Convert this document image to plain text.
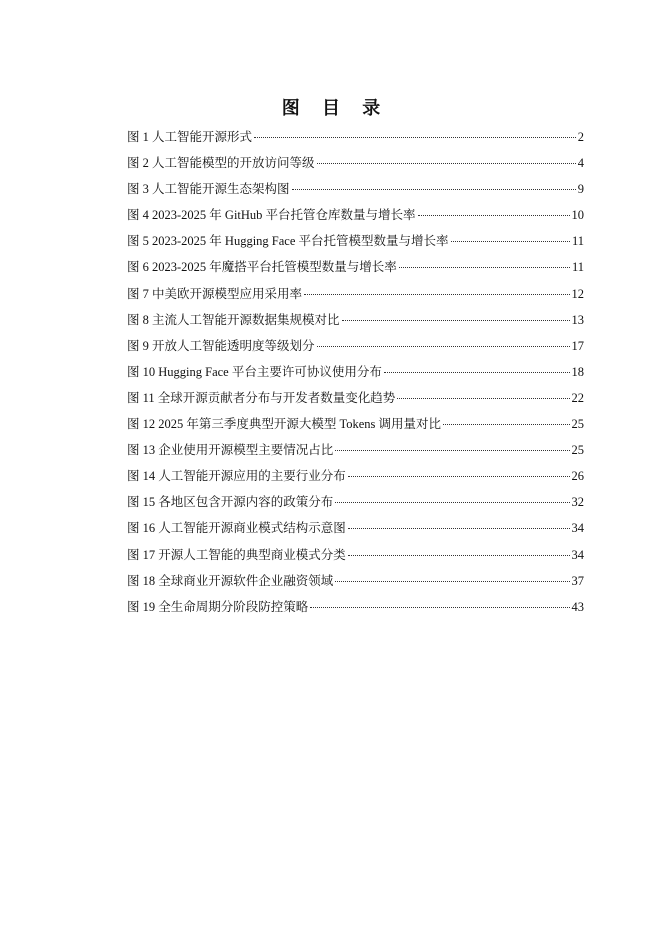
图 目 录
图 1 人工智能开源形式	2
图 2 人工智能模型的开放访问等级	4
图 3 人工智能开源生态架构图	9
图 4 2023-2025 年 GitHub 平台托管仓库数量与增长率	10
图 5 2023-2025 年 Hugging Face 平台托管模型数量与增长率	11
图 6 2023-2025 年魔搭平台托管模型数量与增长率	11
图 7 中美欧开源模型应用采用率	12
图 8 主流人工智能开源数据集规模对比	13
图 9 开放人工智能透明度等级划分	17
图 10 Hugging Face 平台主要许可协议使用分布	18
图 11 全球开源贡献者分布与开发者数量变化趋势	22
图 12 2025 年第三季度典型开源大模型 Tokens 调用量对比	25
图 13 企业使用开源模型主要情况占比	25
图 14 人工智能开源应用的主要行业分布	26
图 15 各地区包含开源内容的政策分布	32
图 16 人工智能开源商业模式结构示意图	34
图 17 开源人工智能的典型商业模式分类	34
图 18 全球商业开源软件企业融资领域	37
图 19 全生命周期分阶段防控策略	43
